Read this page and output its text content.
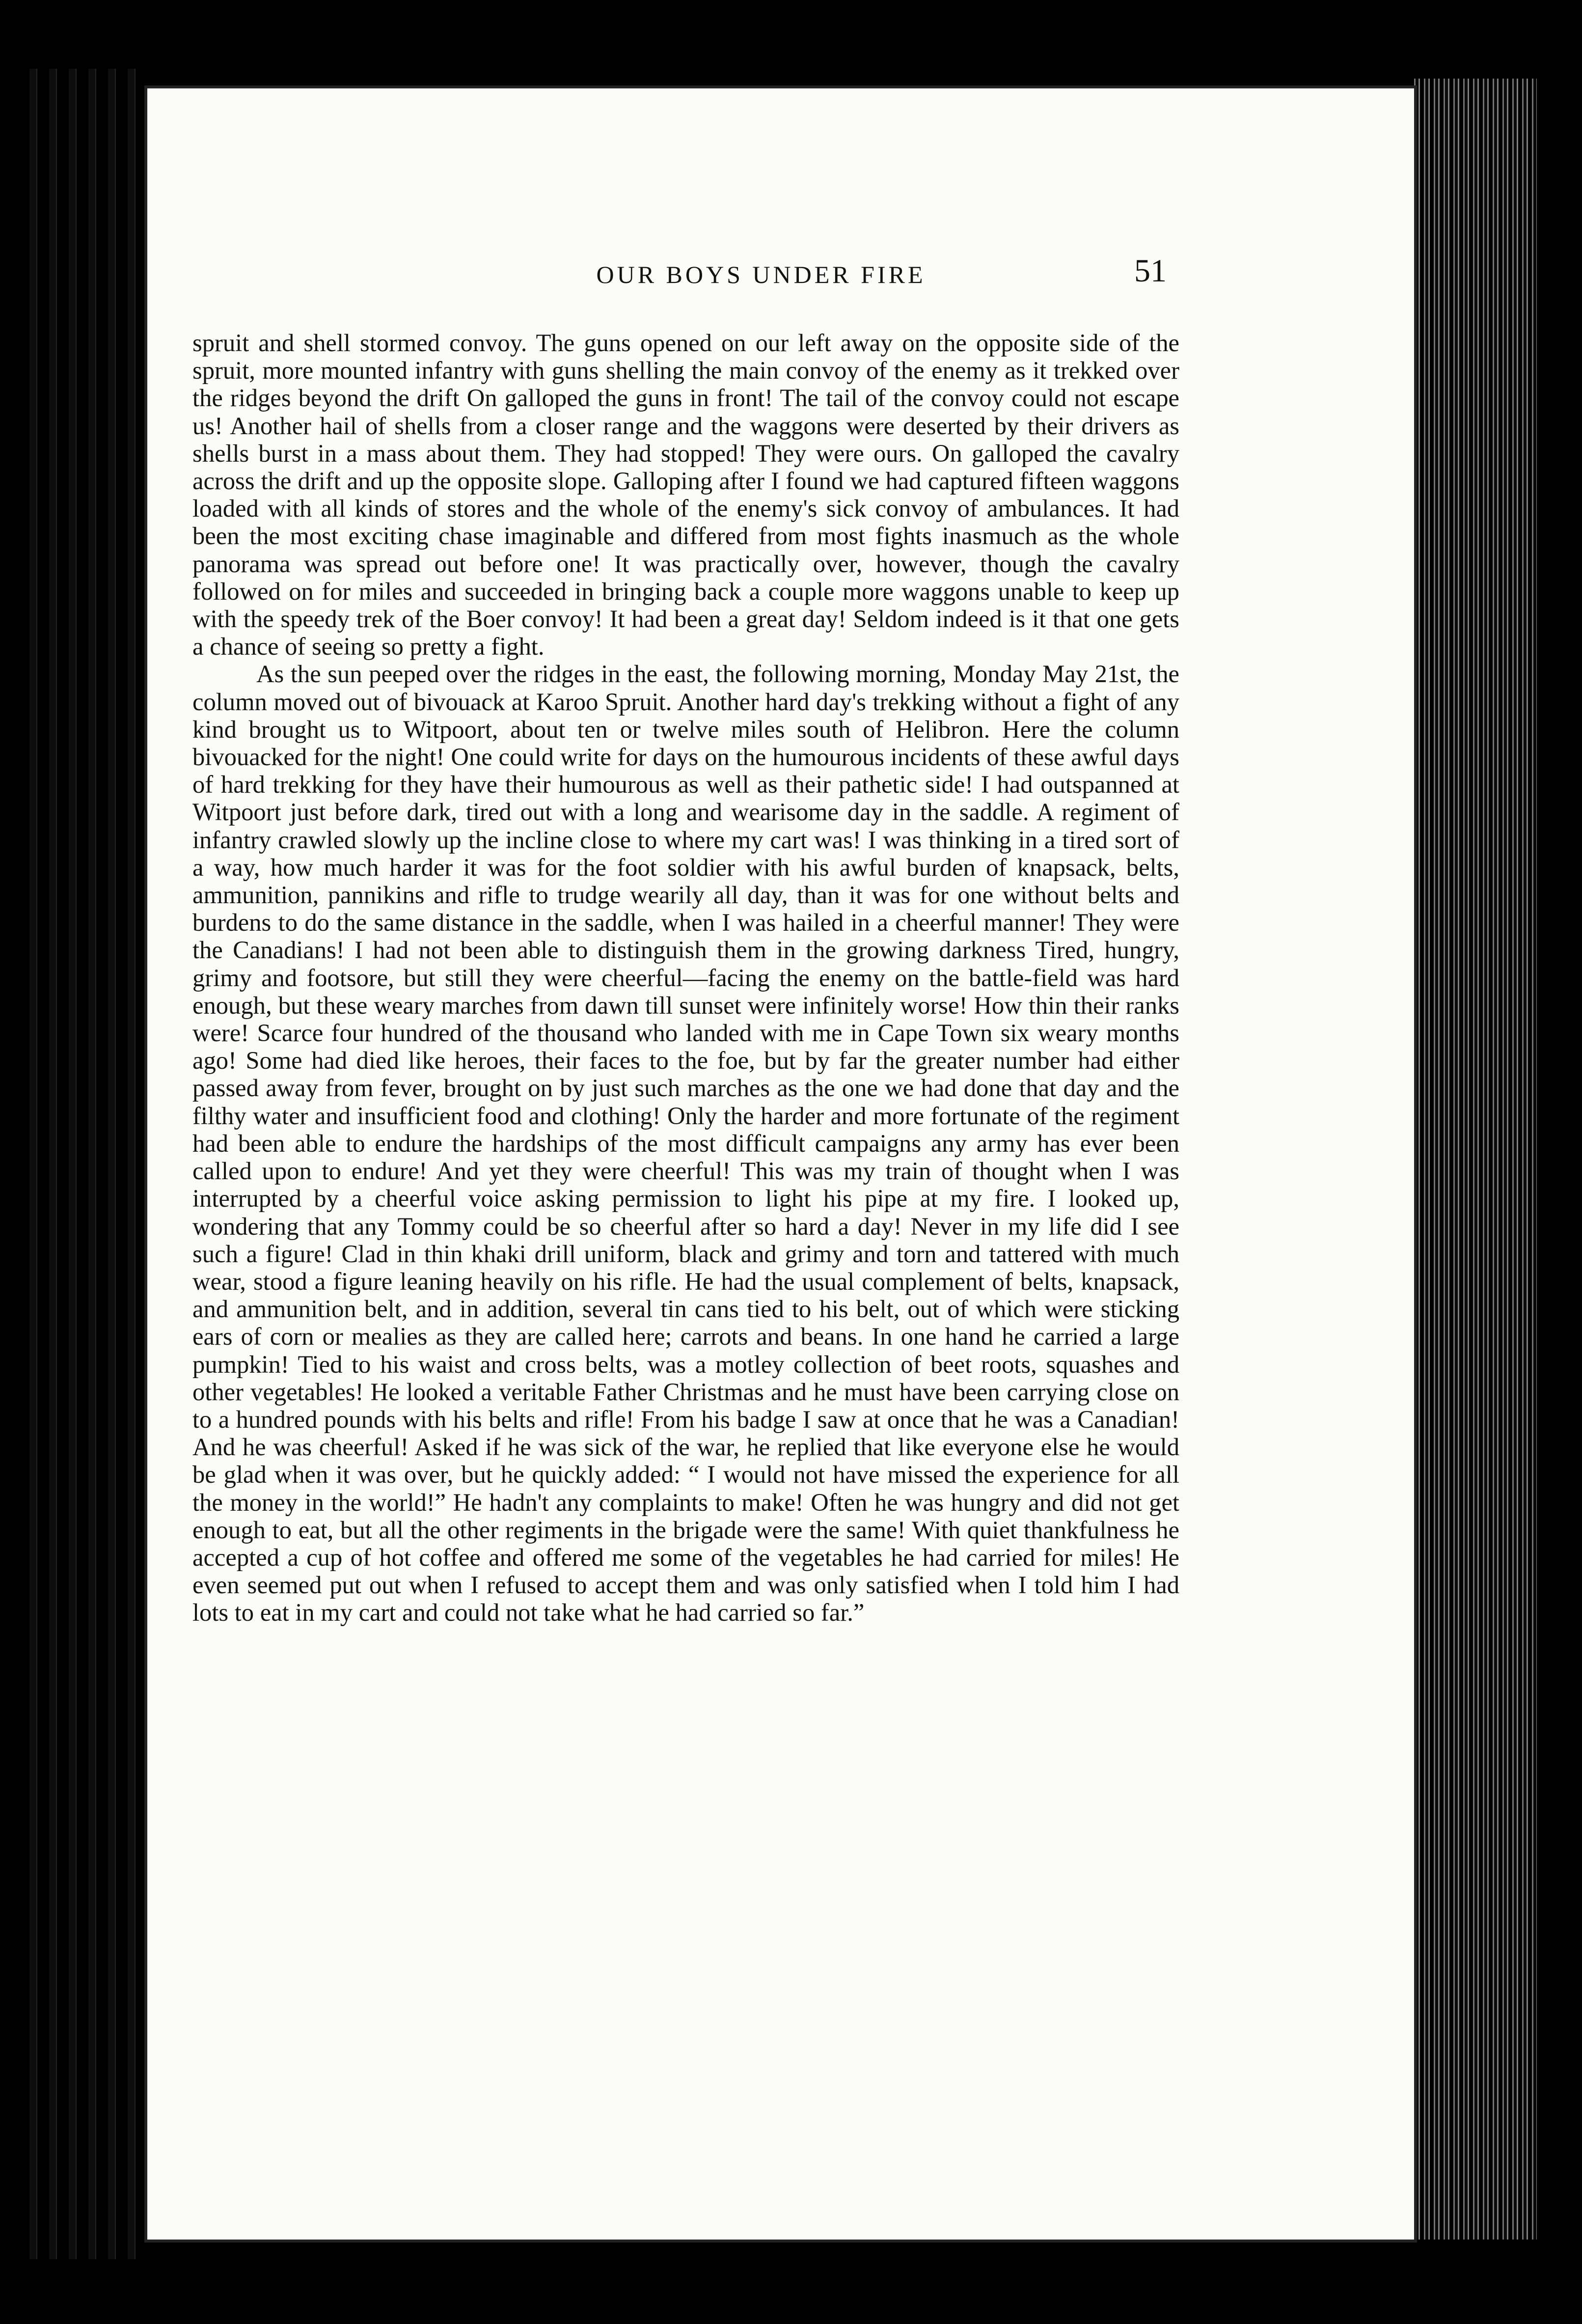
OUR BOYS UNDER FIRE	51

spruit and shell stormed convoy. The guns opened on our left away on the opposite side of the spruit, more mounted infantry with guns shelling the main convoy of the enemy as it trekked over the ridges beyond the drift On galloped the guns in front! The tail of the convoy could not escape us! Another hail of shells from a closer range and the waggons were deserted by their drivers as shells burst in a mass about them. They had stopped! They were ours. On galloped the cavalry across the drift and up the opposite slope. Galloping after I found we had captured fifteen waggons loaded with all kinds of stores and the whole of the enemy's sick convoy of ambulances. It had been the most exciting chase imaginable and differed from most fights inasmuch as the whole panorama was spread out before one! It was practically over, however, though the cavalry followed on for miles and succeeded in bringing back a couple more waggons unable to keep up with the speedy trek of the Boer convoy! It had been a great day! Seldom indeed is it that one gets a chance of seeing so pretty a fight.

As the sun peeped over the ridges in the east, the following morning, Monday May 21st, the column moved out of bivouack at Karoo Spruit. Another hard day's trekking without a fight of any kind brought us to Witpoort, about ten or twelve miles south of Helibron. Here the column bivouacked for the night! One could write for days on the humourous incidents of these awful days of hard trekking for they have their humourous as well as their pathetic side! I had outspanned at Witpoort just before dark, tired out with a long and wearisome day in the saddle. A regiment of infantry crawled slowly up the incline close to where my cart was! I was thinking in a tired sort of a way, how much harder it was for the foot soldier with his awful burden of knapsack, belts, ammunition, pannikins and rifle to trudge wearily all day, than it was for one without belts and burdens to do the same distance in the saddle, when I was hailed in a cheerful manner! They were the Canadians! I had not been able to distinguish them in the growing darkness Tired, hungry, grimy and footsore, but still they were cheerful—facing the enemy on the battle-field was hard enough, but these weary marches from dawn till sunset were infinitely worse! How thin their ranks were! Scarce four hundred of the thousand who landed with me in Cape Town six weary months ago! Some had died like heroes, their faces to the foe, but by far the greater number had either passed away from fever, brought on by just such marches as the one we had done that day and the filthy water and insufficient food and clothing! Only the harder and more fortunate of the regiment had been able to endure the hardships of the most difficult campaigns any army has ever been called upon to endure! And yet they were cheerful! This was my train of thought when I was interrupted by a cheerful voice asking permission to light his pipe at my fire. I looked up, wondering that any Tommy could be so cheerful after so hard a day! Never in my life did I see such a figure! Clad in thin khaki drill uniform, black and grimy and torn and tattered with much wear, stood a figure leaning heavily on his rifle. He had the usual complement of belts, knapsack, and ammunition belt, and in addition, several tin cans tied to his belt, out of which were sticking ears of corn or mealies as they are called here; carrots and beans. In one hand he carried a large pumpkin! Tied to his waist and cross belts, was a motley collection of beet roots, squashes and other vegetables! He looked a veritable Father Christmas and he must have been carrying close on to a hundred pounds with his belts and rifle! From his badge I saw at once that he was a Canadian! And he was cheerful! Asked if he was sick of the war, he replied that like everyone else he would be glad when it was over, but he quickly added: “ I would not have missed the experience for all the money in the world!” He hadn't any complaints to make! Often he was hungry and did not get enough to eat, but all the other regiments in the brigade were the same! With quiet thankfulness he accepted a cup of hot coffee and offered me some of the vegetables he had carried for miles! He even seemed put out when I refused to accept them and was only satisfied when I told him I had lots to eat in my cart and could not take what he had carried so far.”
